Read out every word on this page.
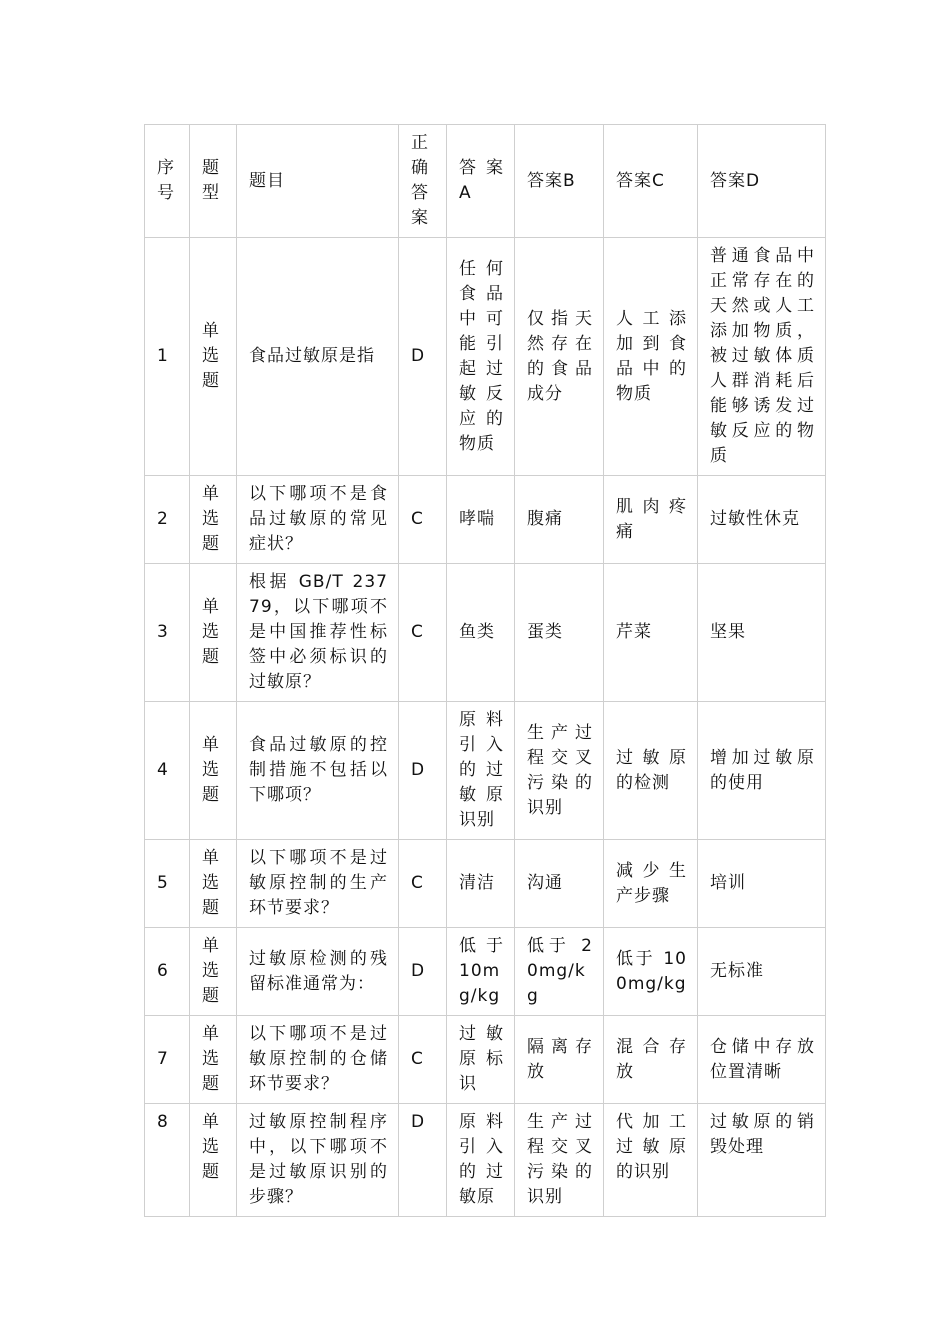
序号	题型	题目	正确答案	答案A	答案B	答案C	答案D
1	单选题	食品过敏原是指	D	任何食品中可能引起过敏反应的物质	仅指天然存在的食品成分	人工添加到食品中的物质	普通食品中正常存在的天然或人工添加物质，被过敏体质人群消耗后能够诱发过敏反应的物质
2	单选题	以下哪项不是食品过敏原的常见症状？	C	哮喘	腹痛	肌肉疼痛	过敏性休克
3	单选题	根据 GB/T 23779，以下哪项不是中国推荐性标签中必须标识的过敏原？	C	鱼类	蛋类	芹菜	坚果
4	单选题	食品过敏原的控制措施不包括以下哪项？	D	原料引入的过敏原识别	生产过程交叉污染的识别	过敏原的检测	增加过敏原的使用
5	单选题	以下哪项不是过敏原控制的生产环节要求？	C	清洁	沟通	减少生产步骤	培训
6	单选题	过敏原检测的残留标准通常为：	D	低于 10mg/kg	低于 20mg/kg	低于 100mg/kg	无标准
7	单选题	以下哪项不是过敏原控制的仓储环节要求？	C	过敏原标识	隔离存放	混合存放	仓储中存放位置清晰
8	单选题	过敏原控制程序中，以下哪项不是过敏原识别的步骤？	D	原料引入的过敏原	生产过程交叉污染的识别	代加工过敏原的识别	过敏原的销毁处理
